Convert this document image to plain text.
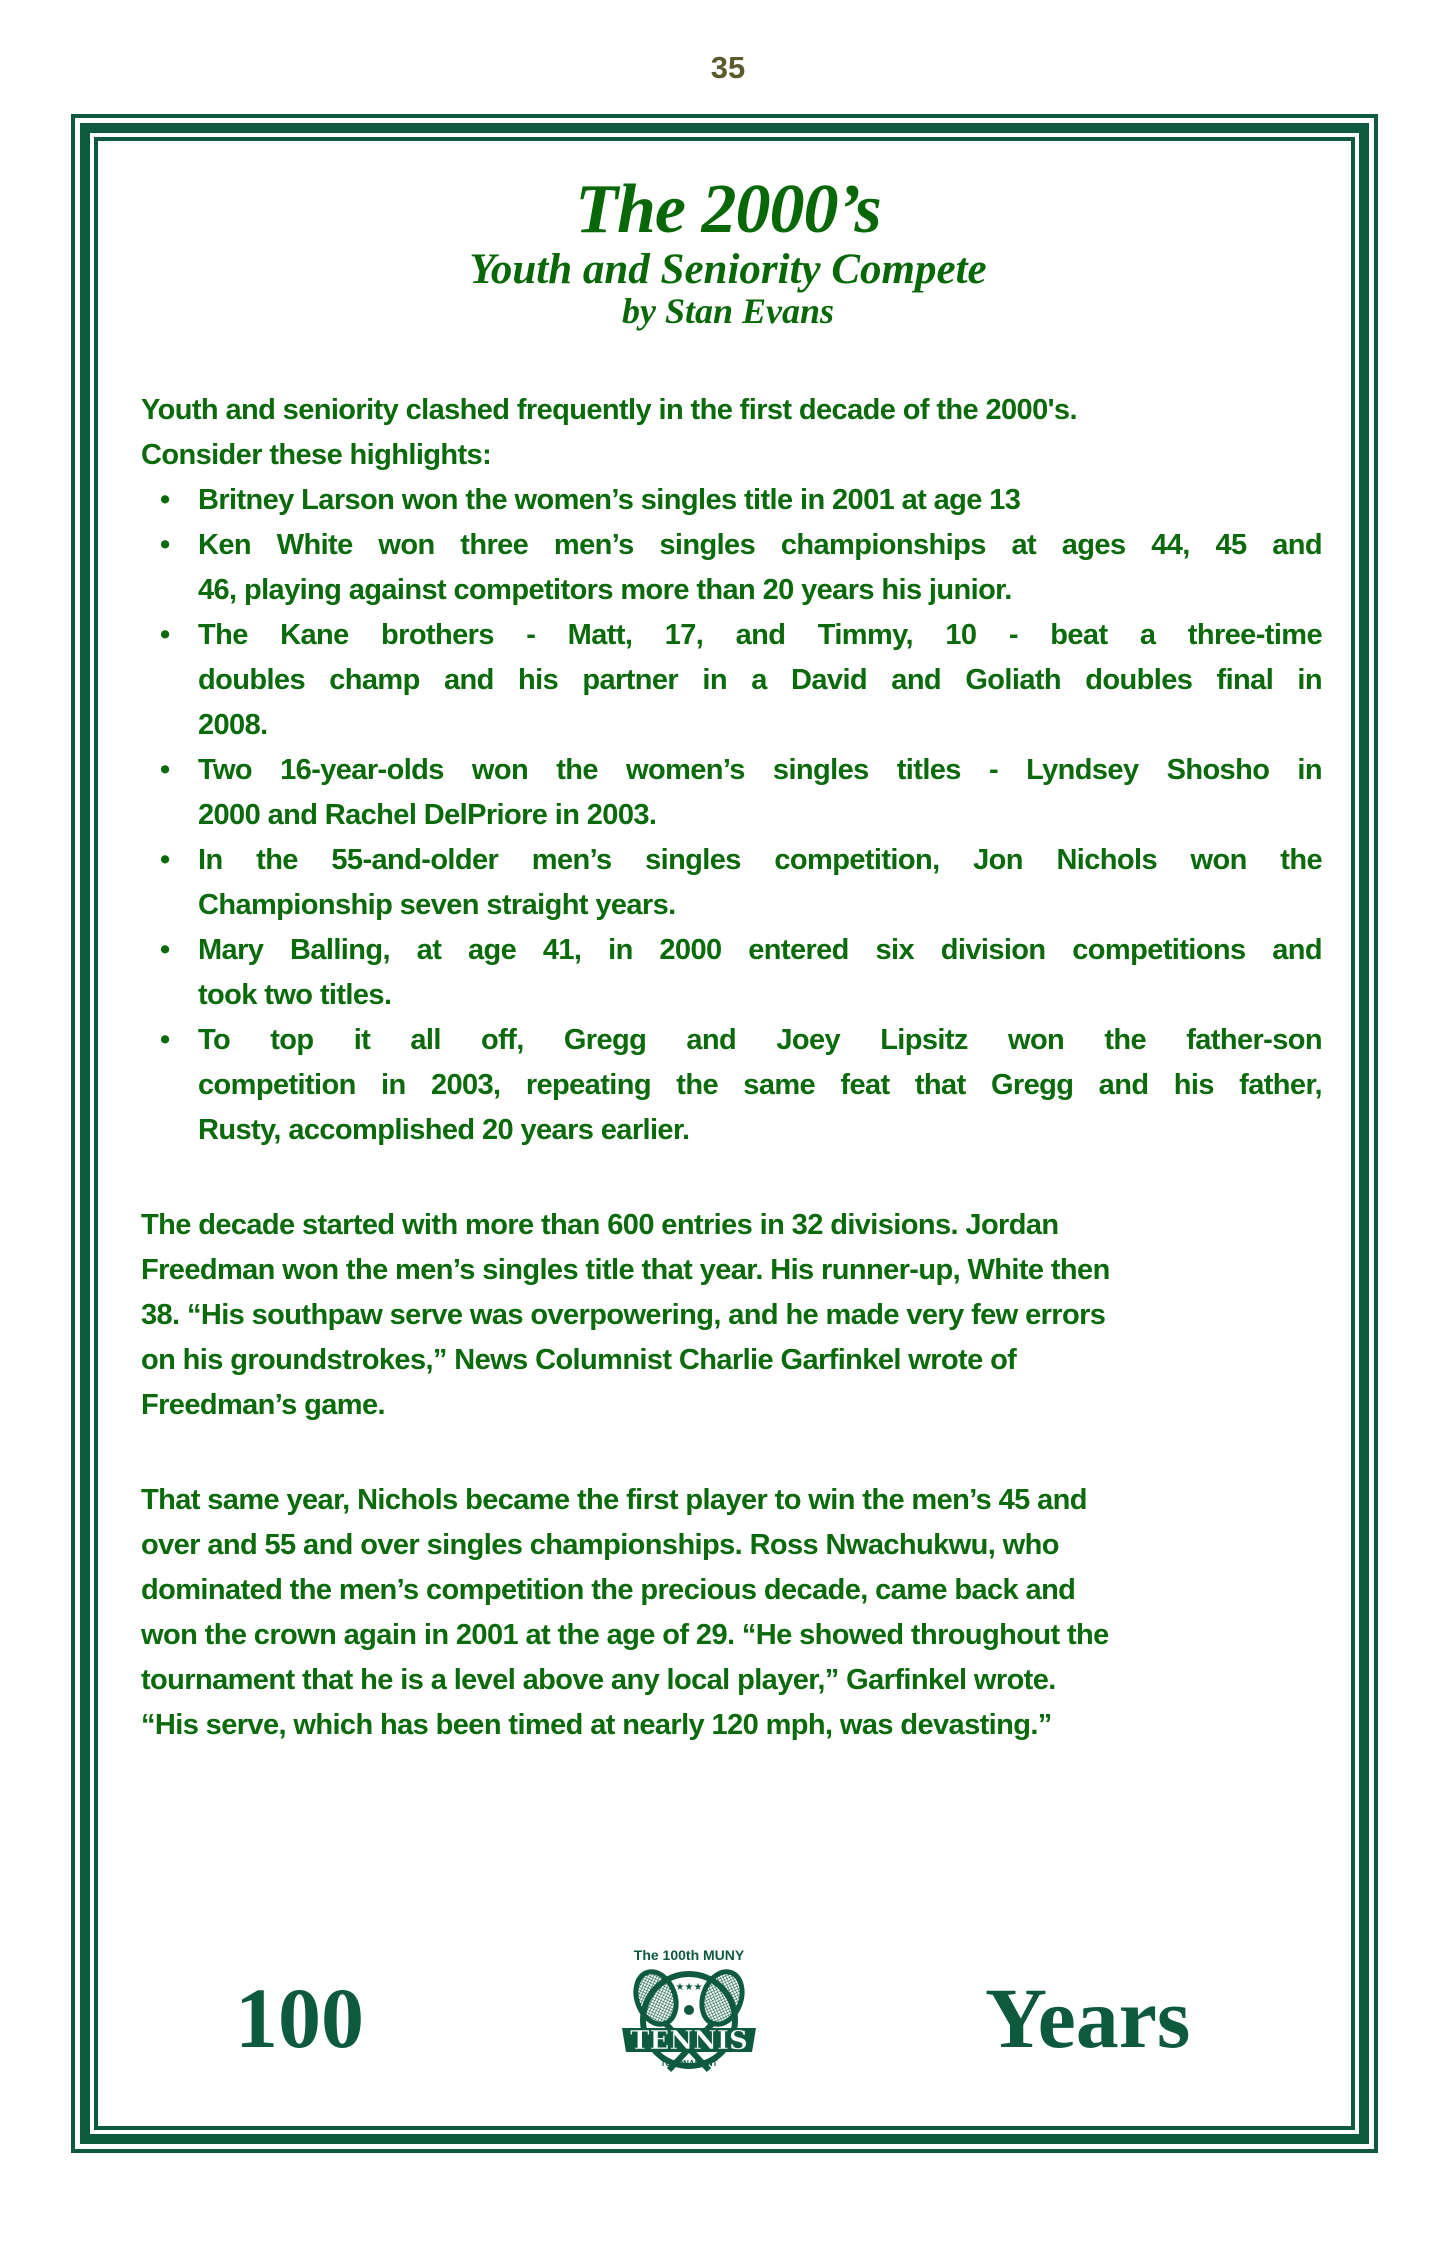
35
The 2000’s
Youth and Seniority Compete
by Stan Evans
Youth and seniority clashed frequently in the first decade of the 2000's.
Consider these highlights:
• Britney Larson won the women’s singles title in 2001 at age 13
• Ken White won three men’s singles championships at ages 44, 45 and
46, playing against competitors more than 20 years his junior.
• The Kane brothers - Matt, 17, and Timmy, 10 - beat a three-time
doubles champ and his partner in a David and Goliath doubles final in
2008.
• Two 16-year-olds won the women’s singles titles - Lyndsey Shosho in
2000 and Rachel DelPriore in 2003.
• In the 55-and-older men’s singles competition, Jon Nichols won the
Championship seven straight years.
• Mary Balling, at age 41, in 2000 entered six division competitions and
took two titles.
• To top it all off, Gregg and Joey Lipsitz won the father-son
competition in 2003, repeating the same feat that Gregg and his father,
Rusty, accomplished 20 years earlier.
The decade started with more than 600 entries in 32 divisions. Jordan
Freedman won the men’s singles title that year. His runner-up, White then
38. “His southpaw serve was overpowering, and he made very few errors
on his groundstrokes,” News Columnist Charlie Garfinkel wrote of
Freedman’s game.
That same year, Nichols became the first player to win the men’s 45 and
over and 55 and over singles championships. Ross Nwachukwu, who
dominated the men’s competition the precious decade, came back and
won the crown again in 2001 at the age of 29. “He showed throughout the
tournament that he is a level above any local player,” Garfinkel wrote.
“His serve, which has been timed at nearly 120 mph, was devasting.”
100	Years
The 100th MUNY
★★★
TENNIS
TOURNAMENT
